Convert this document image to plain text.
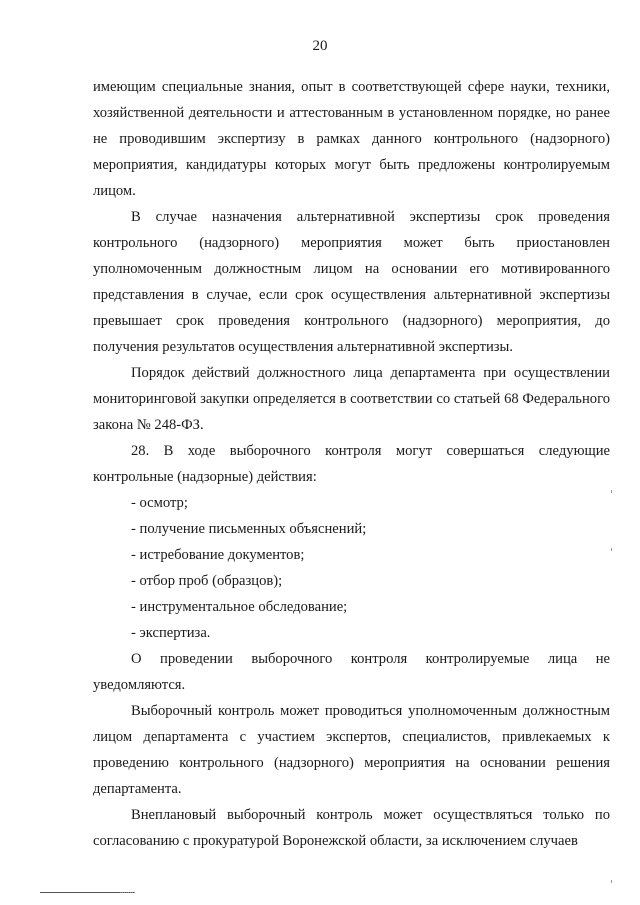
20

имеющим специальные знания, опыт в соответствующей сфере науки, техники, хозяйственной деятельности и аттестованным в установленном порядке, но ранее не проводившим экспертизу в рамках данного контрольного (надзорного) мероприятия, кандидатуры которых могут быть предложены контролируемым лицом.

В случае назначения альтернативной экспертизы срок проведения контрольного (надзорного) мероприятия может быть приостановлен уполномоченным должностным лицом на основании его мотивированного представления в случае, если срок осуществления альтернативной экспертизы превышает срок проведения контрольного (надзорного) мероприятия, до получения результатов осуществления альтернативной экспертизы.

Порядок действий должностного лица департамента при осуществлении мониторинговой закупки определяется в соответствии со статьей 68 Федерального закона № 248-ФЗ.

28. В ходе выборочного контроля могут совершаться следующие контрольные (надзорные) действия:

- осмотр;

- получение письменных объяснений;

- истребование документов;

- отбор проб (образцов);

- инструментальное обследование;

- экспертиза.

О проведении выборочного контроля контролируемые лица не уведомляются.

Выборочный контроль может проводиться уполномоченным должностным лицом департамента с участием экспертов, специалистов, привлекаемых к проведению контрольного (надзорного) мероприятия на основании решения департамента.

Внеплановый выборочный контроль может осуществляться только по согласованию с прокуратурой Воронежской области, за исключением случаев
